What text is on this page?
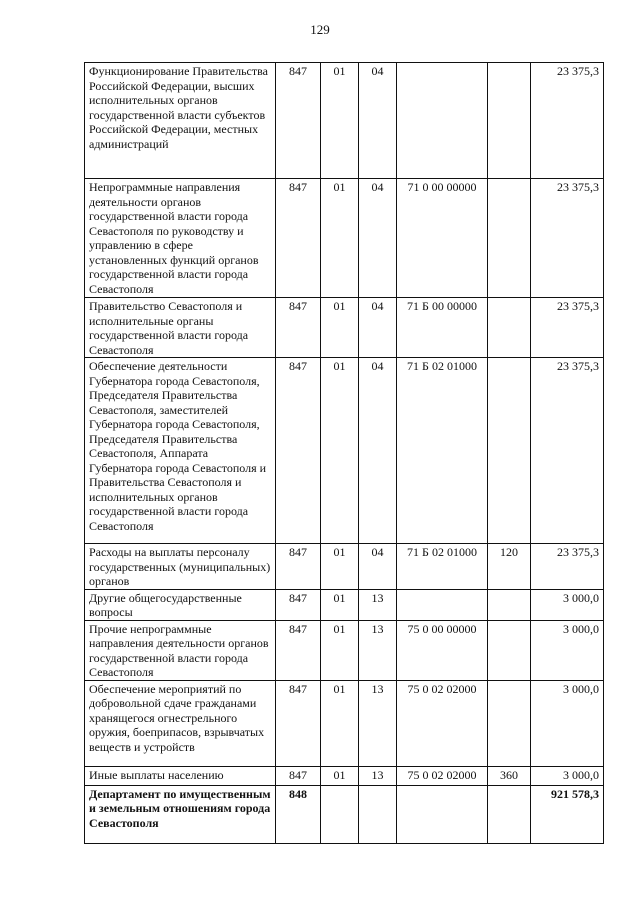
129
Функционирование Правительства Российской Федерации, высших исполнительных органов государственной власти субъектов Российской Федерации, местных администраций	847	01	04			23 375,3
Непрограммные направления деятельности органов государственной власти города Севастополя по руководству и управлению в сфере установленных функций органов государственной власти города Севастополя	847	01	04	71 0 00 00000		23 375,3
Правительство Севастополя и исполнительные органы государственной власти города Севастополя	847	01	04	71 Б 00 00000		23 375,3
Обеспечение деятельности Губернатора города Севастополя, Председателя Правительства Севастополя, заместителей Губернатора города Севастополя, Председателя Правительства Севастополя, Аппарата Губернатора города Севастополя и Правительства Севастополя и исполнительных органов государственной власти города Севастополя	847	01	04	71 Б 02 01000		23 375,3
Расходы на выплаты персоналу государственных (муниципальных) органов	847	01	04	71 Б 02 01000	120	23 375,3
Другие общегосударственные вопросы	847	01	13			3 000,0
Прочие непрограммные направления деятельности органов государственной власти города Севастополя	847	01	13	75 0 00 00000		3 000,0
Обеспечение мероприятий по добровольной сдаче гражданами хранящегося огнестрельного оружия, боеприпасов, взрывчатых веществ и устройств	847	01	13	75 0 02 02000		3 000,0
Иные выплаты населению	847	01	13	75 0 02 02000	360	3 000,0
Департамент по имущественным и земельным отношениям города Севастополя	848					921 578,3
